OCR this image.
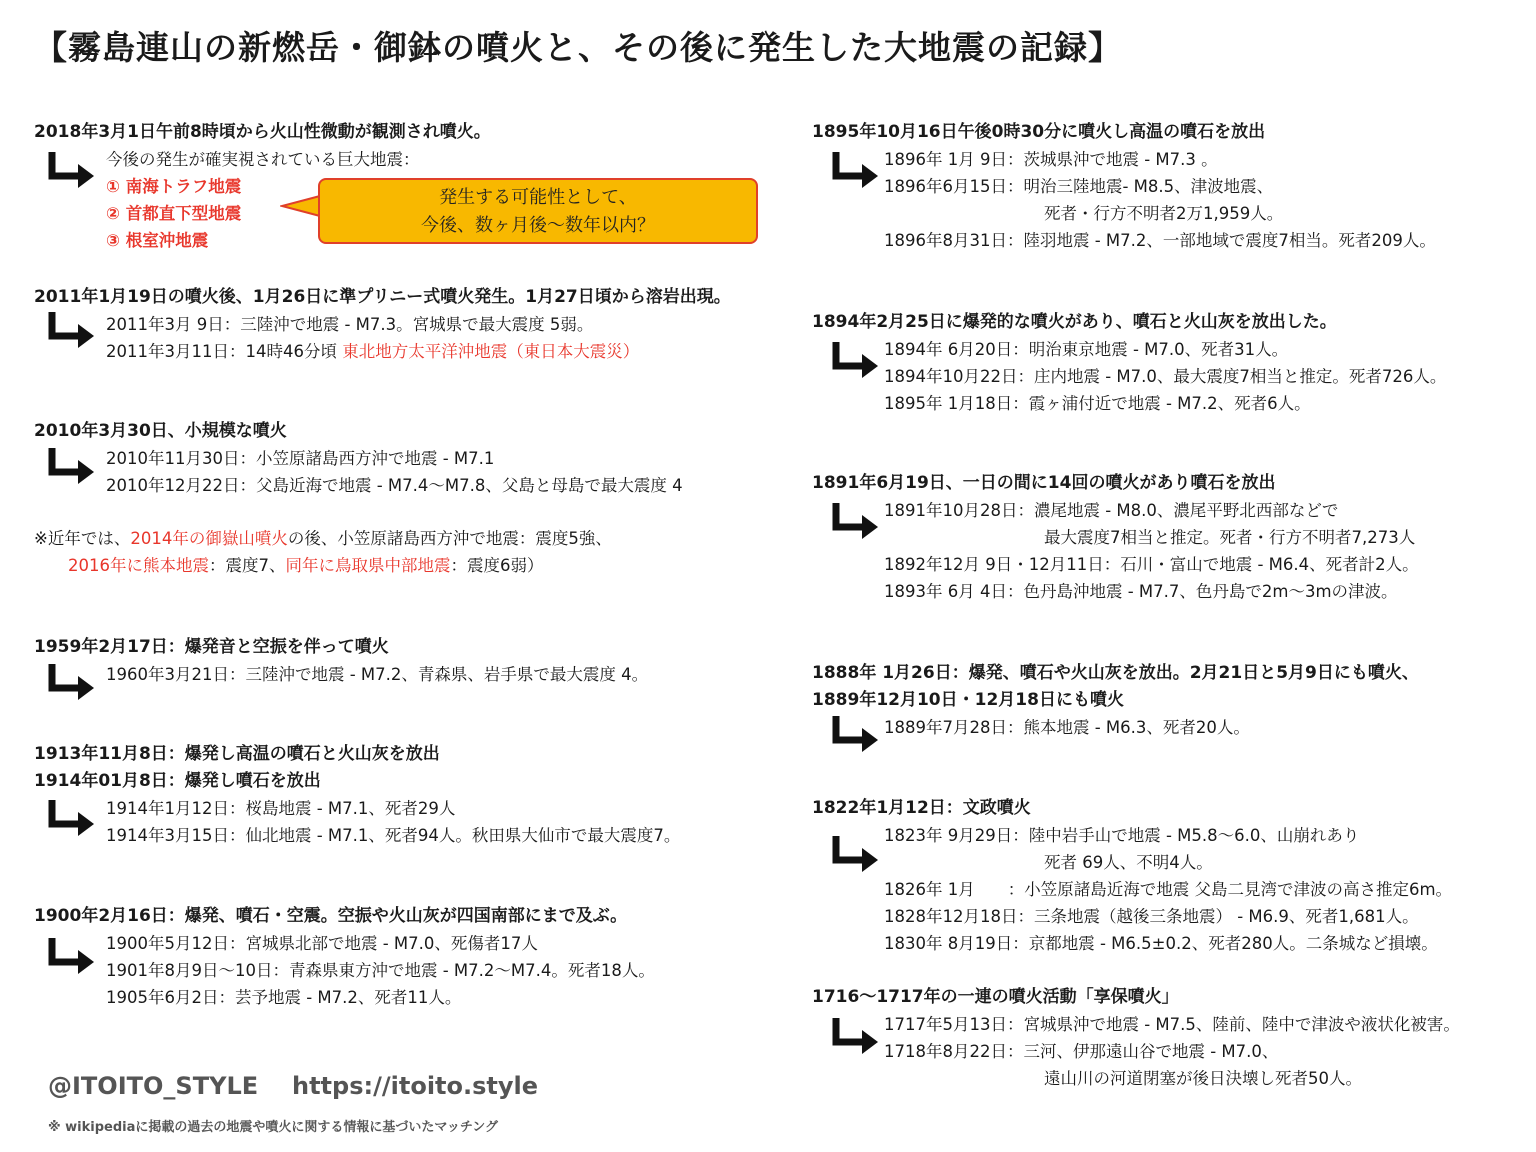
【霧島連山の新燃岳・御鉢の噴火と、その後に発生した大地震の記録】
2018年3月1日午前8時頃から火山性微動が観測され噴火。
今後の発生が確実視されている巨大地震：
① 南海トラフ地震
② 首都直下型地震
③ 根室沖地震
発生する可能性として、
今後、数ヶ月後〜数年以内？
2011年1月19日の噴火後、1月26日に準プリニー式噴火発生。1月27日頃から溶岩出現。
2011年3月 9日：三陸沖で地震 - M7.3。宮城県で最大震度 5弱。
2011年3月11日：14時46分頃 東北地方太平洋沖地震（東日本大震災）
2010年3月30日、小規模な噴火
2010年11月30日：小笠原諸島西方沖で地震 - M7.1
2010年12月22日：父島近海で地震 - M7.4〜M7.8、父島と母島で最大震度 4
※近年では、2014年の御嶽山噴火の後、小笠原諸島西方沖で地震：震度5強、
2016年に熊本地震：震度7、同年に鳥取県中部地震：震度6弱）
1959年2月17日：爆発音と空振を伴って噴火
1960年3月21日：三陸沖で地震 - M7.2、青森県、岩手県で最大震度 4。
1913年11月8日：爆発し高温の噴石と火山灰を放出
1914年01月8日：爆発し噴石を放出
1914年1月12日：桜島地震 - M7.1、死者29人
1914年3月15日：仙北地震 - M7.1、死者94人。秋田県大仙市で最大震度7。
1900年2月16日：爆発、噴石・空震。空振や火山灰が四国南部にまで及ぶ。
1900年5月12日：宮城県北部で地震 - M7.0、死傷者17人
1901年8月9日〜10日：青森県東方沖で地震 - M7.2〜M7.4。死者18人。
1905年6月2日：芸予地震 - M7.2、死者11人。
1895年10月16日午後0時30分に噴火し高温の噴石を放出
1896年 1月 9日：茨城県沖で地震 - M7.3 。
1896年6月15日：明治三陸地震- M8.5、津波地震、
死者・行方不明者2万1,959人。
1896年8月31日：陸羽地震 - M7.2、一部地域で震度7相当。死者209人。
1894年2月25日に爆発的な噴火があり、噴石と火山灰を放出した。
1894年 6月20日：明治東京地震 - M7.0、死者31人。
1894年10月22日：庄内地震 - M7.0、最大震度7相当と推定。死者726人。
1895年 1月18日：霞ヶ浦付近で地震 - M7.2、死者6人。
1891年6月19日、一日の間に14回の噴火があり噴石を放出
1891年10月28日：濃尾地震 - M8.0、濃尾平野北西部などで
最大震度7相当と推定。死者・行方不明者7,273人
1892年12月 9日・12月11日：石川・富山で地震 - M6.4、死者計2人。
1893年 6月 4日：色丹島沖地震 - M7.7、色丹島で2m〜3mの津波。
1888年 1月26日：爆発、噴石や火山灰を放出。2月21日と5月9日にも噴火、
1889年12月10日・12月18日にも噴火
1889年7月28日：熊本地震 - M6.3、死者20人。
1822年1月12日：文政噴火
1823年 9月29日：陸中岩手山で地震 - M5.8〜6.0、山崩れあり
死者 69人、不明4人。
1826年 1月　　：小笠原諸島近海で地震 父島二見湾で津波の高さ推定6m。
1828年12月18日：三条地震（越後三条地震） - M6.9、死者1,681人。
1830年 8月19日：京都地震 - M6.5±0.2、死者280人。二条城など損壊。
1716〜1717年の一連の噴火活動「享保噴火」
1717年5月13日：宮城県沖で地震 - M7.5、陸前、陸中で津波や液状化被害。
1718年8月22日：三河、伊那遠山谷で地震 - M7.0、
遠山川の河道閉塞が後日決壊し死者50人。
@ITOITO_STYLE https://itoito.style
※ wikipediaに掲載の過去の地震や噴火に関する情報に基づいたマッチング
